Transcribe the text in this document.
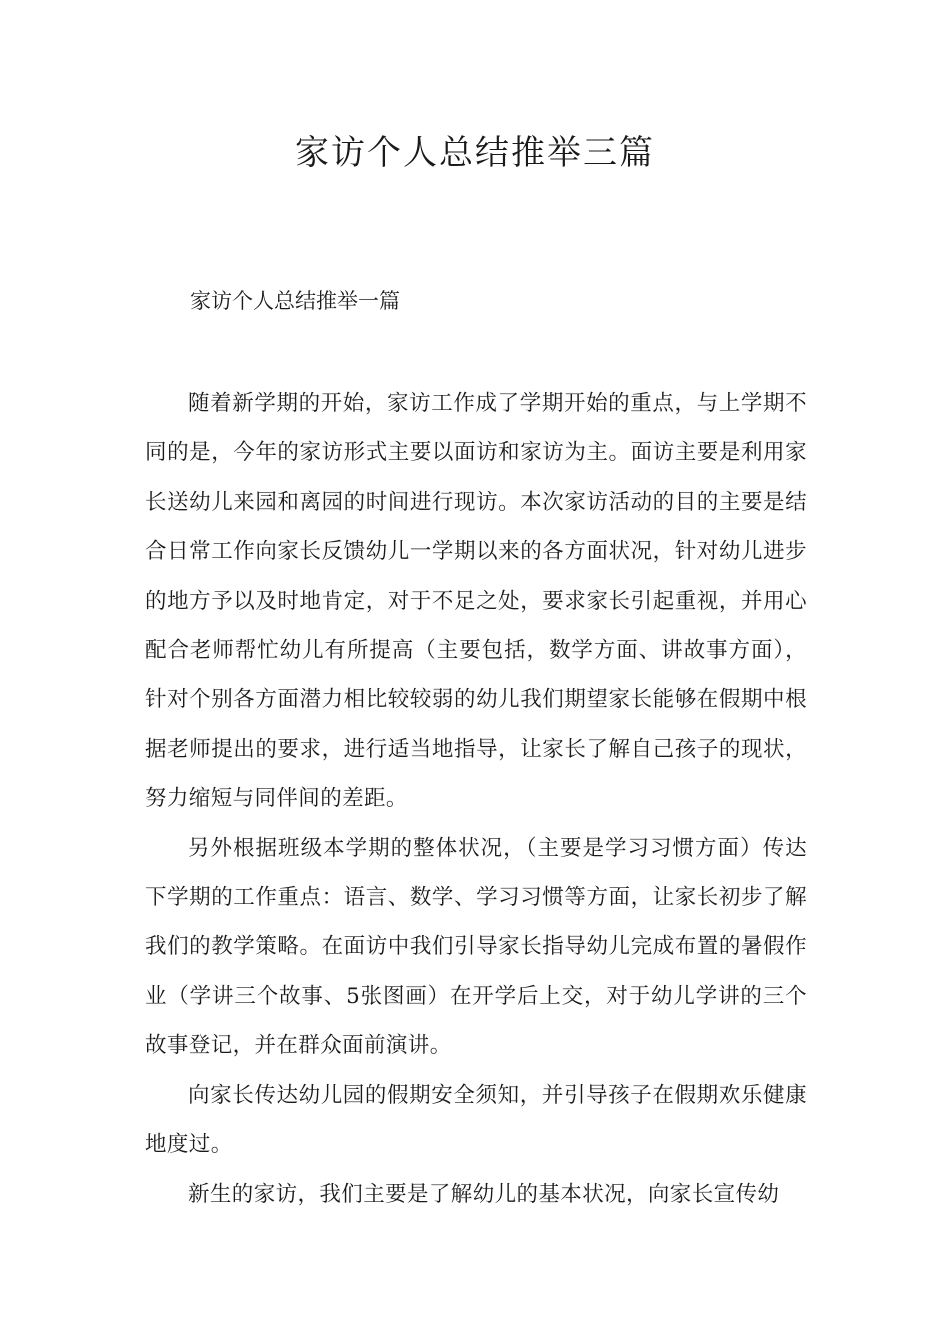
家访个人总结推举三篇
家访个人总结推举一篇

随着新学期的开始，家访工作成了学期开始的重点，与上学期不同的是，今年的家访形式主要以面访和家访为主。面访主要是利用家长送幼儿来园和离园的时间进行现访。本次家访活动的目的主要是结合日常工作向家长反馈幼儿一学期以来的各方面状况，针对幼儿进步的地方予以及时地肯定，对于不足之处，要求家长引起重视，并用心配合老师帮忙幼儿有所提高（主要包括，数学方面、讲故事方面），针对个别各方面潜力相比较较弱的幼儿我们期望家长能够在假期中根据老师提出的要求，进行适当地指导，让家长了解自己孩子的现状，努力缩短与同伴间的差距。

另外根据班级本学期的整体状况，（主要是学习习惯方面）传达下学期的工作重点：语言、数学、学习习惯等方面，让家长初步了解我们的教学策略。在面访中我们引导家长指导幼儿完成布置的暑假作业（学讲三个故事、5张图画）在开学后上交，对于幼儿学讲的三个故事登记，并在群众面前演讲。

向家长传达幼儿园的假期安全须知，并引导孩子在假期欢乐健康地度过。

新生的家访，我们主要是了解幼儿的基本状况，向家长宣传幼
